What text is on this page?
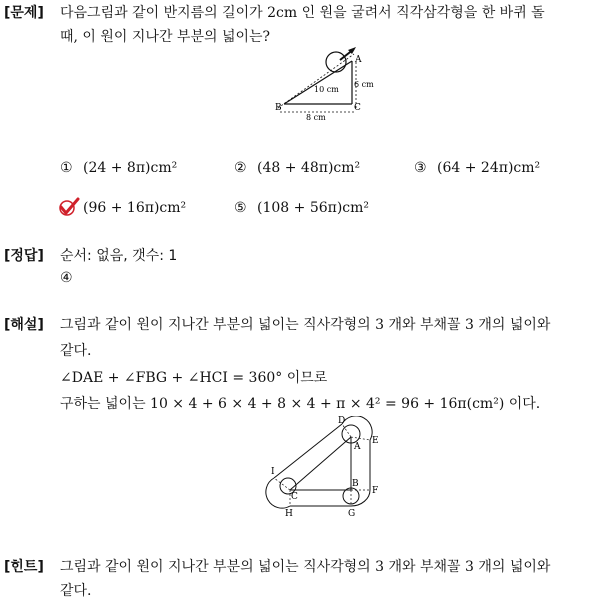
[문제] 다음그림과 같이 반지름의 길이가 2cm 인 원을 굴려서 직각삼각형을 한 바퀴 돌
때, 이 원이 지나간 부분의 넓이는?
A
B	C
10 cm
6 cm
8 cm
① (24 + 8π)cm²	② (48 + 48π)cm²	③ (64 + 24π)cm²
(96 + 16π)cm²	⑤ (108 + 56π)cm²
[정답] 순서: 없음, 갯수: 1
④
[해설] 그림과 같이 원이 지나간 부분의 넓이는 직사각형의 3 개와 부채꼴 3 개의 넓이와
같다.
∠DAE + ∠FBG + ∠HCI = 360° 이므로
구하는 넓이는 10 × 4 + 6 × 4 + 8 × 4 + π × 4² = 96 + 16π(cm²) 이다.
D
E
A
I
C
B
F
H	G
[힌트] 그림과 같이 원이 지나간 부분의 넓이는 직사각형의 3 개와 부채꼴 3 개의 넓이와
같다.
